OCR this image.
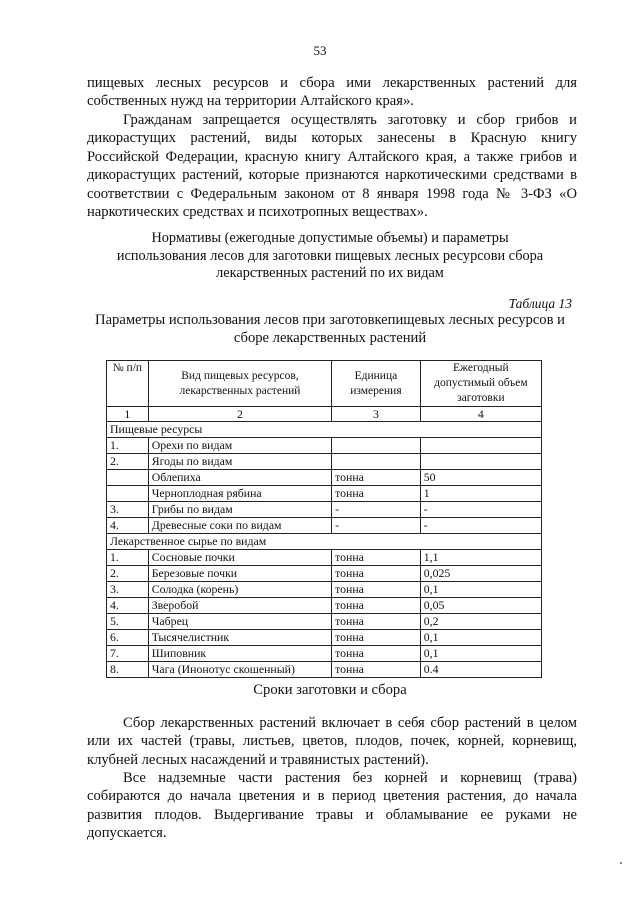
53
пищевых лесных ресурсов и сбора ими лекарственных растений для собственных нужд на территории Алтайского края».
Гражданам запрещается осуществлять заготовку и сбор грибов и дикорастущих растений, виды которых занесены в Красную книгу Российской Федерации, красную книгу Алтайского края, а также грибов и дикорастущих растений, которые признаются наркотическими средствами в соответствии с Федеральным законом от 8 января 1998 года № 3-ФЗ «О наркотических средствах и психотропных веществах».
Нормативы (ежегодные допустимые объемы) и параметры
использования лесов для заготовки пищевых лесных ресурсови сбора
лекарственных растений по их видам
Таблица 13
Параметры использования лесов при заготовкепищевых лесных ресурсов и
сборе лекарственных растений
№ п/п	Вид пищевых ресурсов, лекарственных растений	Единица измерения	Ежегодный допустимый объем заготовки
1	2	3	4
Пищевые ресурсы			
1.	Орехи по видам		
2.	Ягоды по видам		
	Облепиха	тонна	50
	Черноплодная рябина	тонна	1
3.	Грибы по видам	-	-
4.	Древесные соки по видам	-	-
Лекарственное сырье по видам			
1.	Сосновые почки	тонна	1,1
2.	Березовые почки	тонна	0,025
3.	Солодка (корень)	тонна	0,1
4.	Зверобой	тонна	0,05
5.	Чабрец	тонна	0,2
6.	Тысячелистник	тонна	0,1
7.	Шиповник	тонна	0,1
8.	Чага (Инонотус скошенный)	тонна	0.4
Сроки заготовки и сбора
Сбор лекарственных растений включает в себя сбор растений в целом или их частей (травы, листьев, цветов, плодов, почек, корней, корневищ, клубней лесных насаждений и травянистых растений).
Все надземные части растения без корней и корневищ (трава) собираются до начала цветения и в период цветения растения, до начала развития плодов. Выдергивание травы и обламывание ее руками не допускается.
